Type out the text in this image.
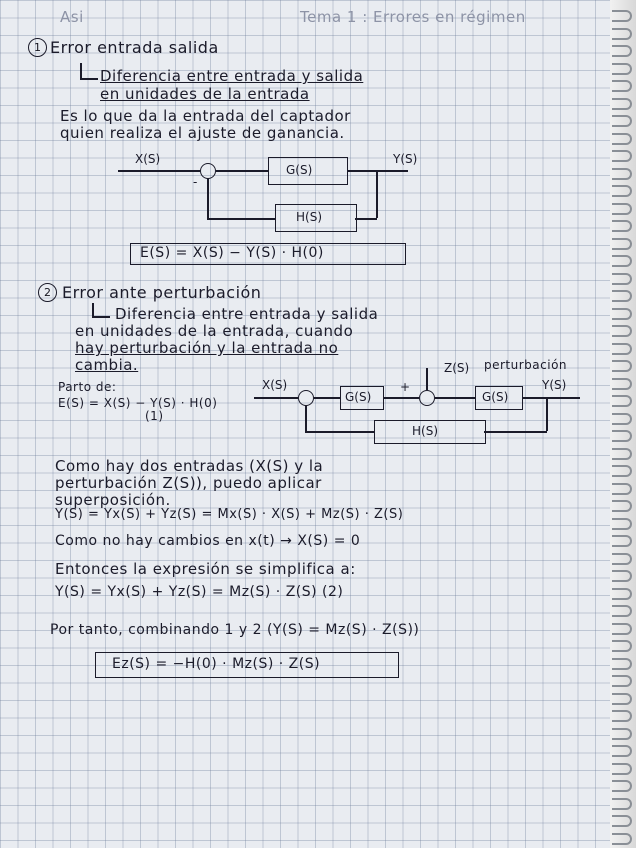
Asi	Tema 1 : Errores en régimen
1 Error entrada salida
Diferencia entre entrada y salida
en unidades de la entrada
Es lo que da la entrada del captador
quien realiza el ajuste de ganancia.
X(S)
-
G(S)
Y(S)
H(S)
E(S) = X(S) − Y(S) · H(0)
2 Error ante perturbación
Diferencia entre entrada y salida
en unidades de la entrada, cuando
hay perturbación y la entrada no
cambia.
Parto de:
E(S) = X(S) − Y(S) · H(0)
(1)
X(S)
G(S)
+
Z(S) perturbación
G(S)
Y(S)
H(S)
Como hay dos entradas (X(S) y la
perturbación Z(S)), puedo aplicar
superposición.
Y(S) = Yx(S) + Yz(S) = Mx(S) · X(S) + Mz(S) · Z(S)
Como no hay cambios en x(t) → X(S) = 0
Entonces la expresión se simplifica a:
Y(S) = Yx(S) + Yz(S) = Mz(S) · Z(S) (2)
Por tanto, combinando 1 y 2 (Y(S) = Mz(S) · Z(S))
Ez(S) = −H(0) · Mz(S) · Z(S)
